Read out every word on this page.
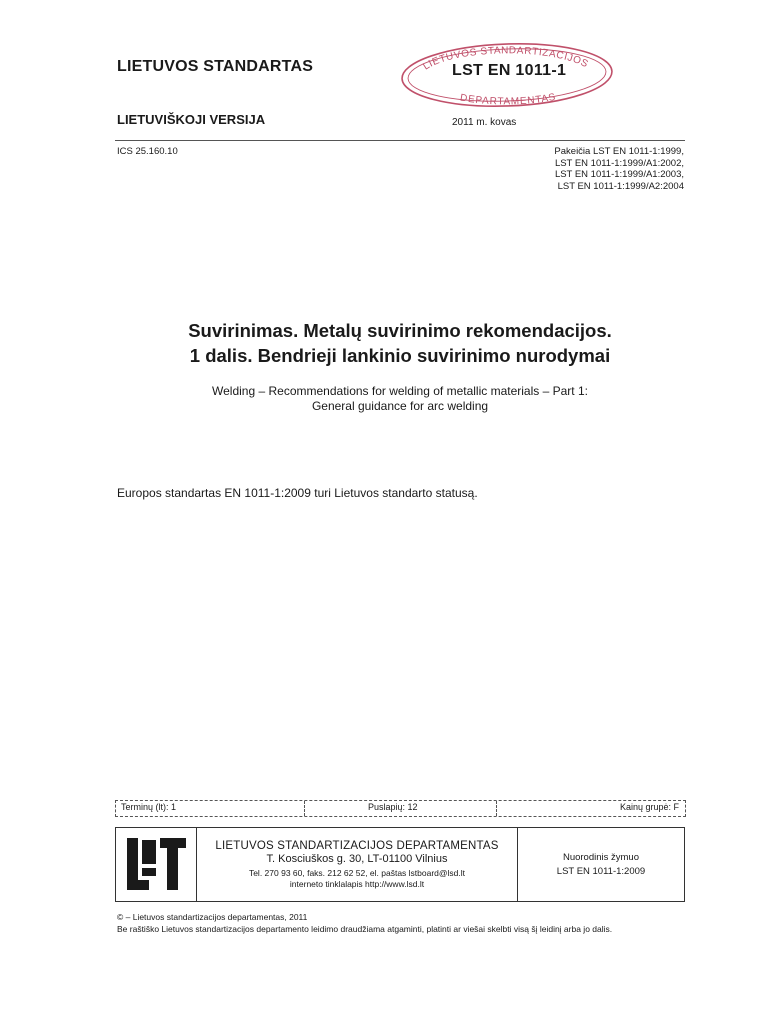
LIETUVOS STANDARTAS
LIETUVIŠKOJI VERSIJA
LIETUVOS STANDARTIZACIJOS
DEPARTAMENTAS
LST EN 1011-1
2011 m. kovas
ICS 25.160.10	Pakeičia LST EN 1011-1:1999,
LST EN 1011-1:1999/A1:2002,
LST EN 1011-1:1999/A1:2003,
LST EN 1011-1:1999/A2:2004
Suvirinimas. Metalų suvirinimo rekomendacijos.
1 dalis. Bendrieji lankinio suvirinimo nurodymai
Welding – Recommendations for welding of metallic materials – Part 1:
General guidance for arc welding
Europos standartas EN 1011-1:2009 turi Lietuvos standarto statusą.
Terminų (lt): 1	Puslapių: 12	Kainų grupė: F
LIETUVOS STANDARTIZACIJOS DEPARTAMENTAS
T. Kosciuškos g. 30, LT-01100 Vilnius
Tel. 270 93 60, faks. 212 62 52, el. paštas lstboard@lsd.lt
interneto tinklalapis http://www.lsd.lt
Nuorodinis žymuo
LST EN 1011-1:2009
© – Lietuvos standartizacijos departamentas, 2011
Be raštiško Lietuvos standartizacijos departamento leidimo draudžiama atgaminti, platinti ar viešai skelbti visą šį leidinį arba jo dalis.
